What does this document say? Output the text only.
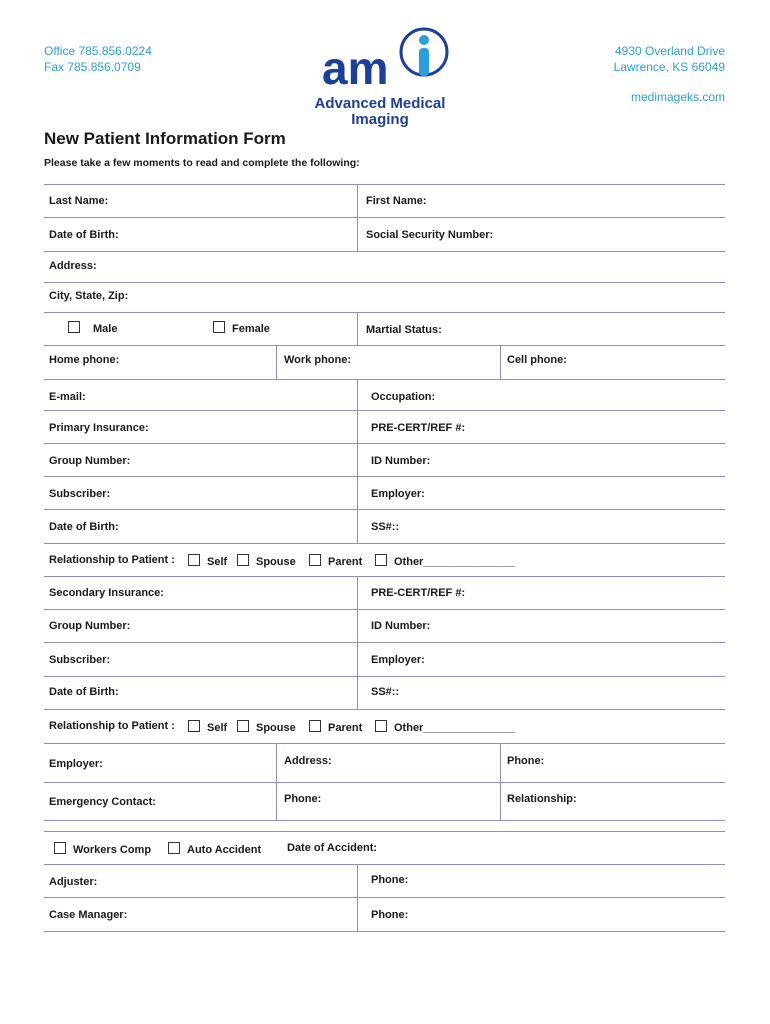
Office 785.856.0224
Fax 785.856.0709	am
Advanced Medical
Imaging
4930 Overland Drive
Lawrence, KS 66049
medimageks.com
New Patient Information Form
Please take a few moments to read and complete the following:
Last Name:	First Name:
Date of Birth:	Social Security Number:
Address:
City, State, Zip:
Male	Female	Martial Status:
Home phone:	Work phone:	Cell phone:
E-mail:	Occupation:
Primary Insurance:	PRE-CERT/REF #:
Group Number:	ID Number:
Subscriber:	Employer:
Date of Birth:	SS#::
Relationship to Patient :	Self	Spouse	Parent	Other_______________
Secondary Insurance:	PRE-CERT/REF #:
Group Number:	ID Number:
Subscriber:	Employer:
Date of Birth:	SS#::
Relationship to Patient :	Self	Spouse	Parent	Other_______________
Employer:	Address:	Phone:
Emergency Contact:	Phone:	Relationship:
Workers Comp	Auto Accident Date of Accident:
Adjuster:	Phone:
Case Manager:	Phone:
